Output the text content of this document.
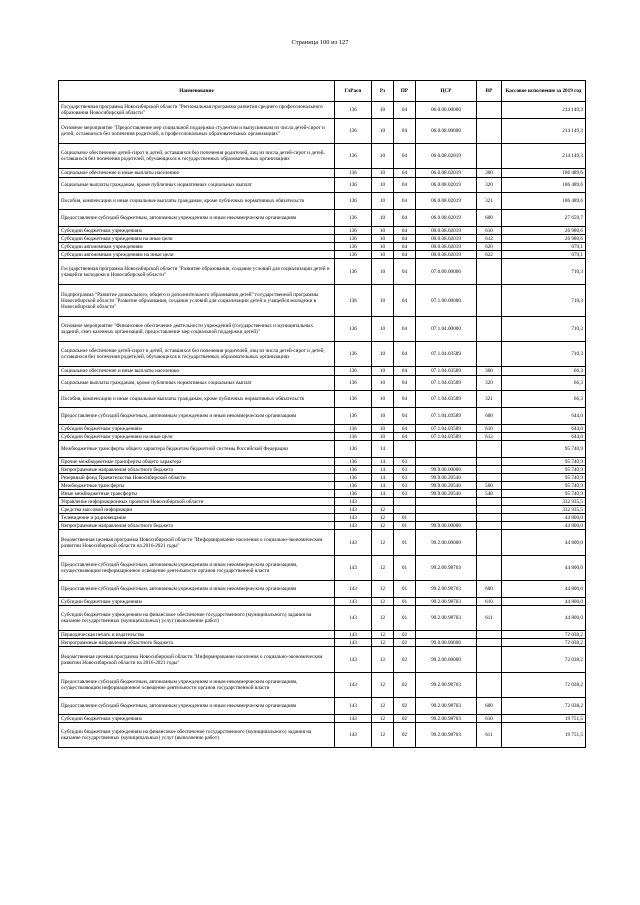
Страница 100 из 127
Наименование	ГлРасп	Рз	ПР	ЦСР	ВР	Кассовое исполнение за 2019 год
Государственная программа Новосибирской области "Региональная программа развития среднего профессионального образования Новосибирской области"	136	10	04	06.0.00.00000		214 149,3
Основное мероприятие "Предоставление мер социальной поддержки студентам и выпускникам из числа детей-сирот и детей, оставшихся без попечения родителей, в профессиональных образовательных организациях"	136	10	04	06.0.08.00000		214 149,3
Социальное обеспечение детей-сирот и детей, оставшихся без попечения родителей, лиц из числа детей-сирот и детей, оставшихся без попечения родителей, обучающихся в государственных образовательных организациях	136	10	04	06.0.08.02019		214 149,3
Социальное обеспечение и иные выплаты населению	136	10	04	06.0.08.02019	300	186 489,6
Социальные выплаты гражданам, кроме публичных нормативных социальных выплат	136	10	04	06.0.08.02019	320	186 489,6
Пособия, компенсации и иные социальные выплаты гражданам, кроме публичных нормативных обязательств	136	10	04	06.0.08.02019	321	186 489,6
Предоставление субсидий бюджетным, автономным учреждениям и иным некоммерческим организациям	136	10	04	06.0.08.02019	600	27 659,7
Субсидии бюджетным учреждениям	136	10	04	06.0.08.02019	610	26 980,6
Субсидии бюджетным учреждениям на иные цели	136	10	04	06.0.08.02019	612	26 980,6
Субсидии автономным учреждениям	136	10	04	06.0.08.02019	620	679,1
Субсидии автономным учреждениям на иные цели	136	10	04	06.0.08.02019	622	679,1
Государственная программа Новосибирской области "Развитие образования, создание условий для социализации детей и учащейся молодежи в Новосибирской области"	136	10	04	07.0.00.00000		710,3
Подпрограмма "Развитие дошкольного, общего и дополнительного образования детей" государственной программы Новосибирской области "Развитие образования, создание условий для социализации детей и учащейся молодежи в Новосибирской области"	136	10	04	07.1.00.00000		710,3
Основное мероприятие "Финансовое обеспечение деятельности учреждений (государственных и муниципальных заданий, смет казенных организаций, предоставление мер социальной поддержки детей)"	136	10	04	07.1.04.00000		710,3
Социальное обеспечение детей-сирот и детей, оставшихся без попечения родителей, лиц из числа детей-сирот и детей, оставшихся без попечения родителей, обучающихся в государственных образовательных организациях	136	10	04	07.1.04.03589		710,3
Социальное обеспечение и иные выплаты населению	136	10	04	07.1.04.03589	300	66,3
Социальные выплаты гражданам, кроме публичных нормативных социальных выплат	136	10	04	07.1.04.03589	320	66,3
Пособия, компенсации и иные социальные выплаты гражданам, кроме публичных нормативных обязательств	136	10	04	07.1.04.03589	321	66,3
Предоставление субсидий бюджетным, автономным учреждениям и иным некоммерческим организациям	136	10	04	07.1.04.03589	600	644,0
Субсидии бюджетным учреждениям	136	10	04	07.1.04.03589	610	644,0
Субсидии бюджетным учреждениям на иные цели	136	10	04	07.1.04.03589	612	644,0
Межбюджетные трансферты общего характера бюджетам бюджетной системы Российской Федерации	136	14				95 740,9
Прочие межбюджетные трансферты общего характера	136	14	03			95 740,9
Непрограммные направления областного бюджета	136	14	03	99.0.00.00000		95 740,9
Резервный фонд Правительства Новосибирской области	136	14	03	99.0.00.20540		95 740,9
Межбюджетные трансферты	136	14	03	99.0.00.20540	500	95 740,9
Иные межбюджетные трансферты	136	14	03	99.0.00.20540	540	95 740,9
Управление информационных проектов Новосибирской области	143					332 935,5
Средства массовой информации	143	12				332 935,5
Телевидение и радиовещание	143	12	01			44 800,0
Непрограммные направления областного бюджета	143	12	01	99.0.00.00000		44 800,0
Ведомственная целевая программа Новосибирской области "Информирование населения о социально-экономическом развитии Новосибирской области на 2016-2021 годы"	143	12	01	99.2.00.00000		44 800,0
Предоставление субсидий бюджетным, автономным учреждениям и иным некоммерческим организациям, осуществляющим информационное освещение деятельности органов государственной власти	143	12	01	99.2.00.98703		44 800,0
Предоставление субсидий бюджетным, автономным учреждениям и иным некоммерческим организациям	143	12	01	99.2.00.98703	600	44 800,0
Субсидии бюджетным учреждениям	143	12	01	99.2.00.98703	610	44 800,0
Субсидии бюджетным учреждениям на финансовое обеспечение государственного (муниципального) задания на оказание государственных (муниципальных) услуг (выполнение работ)	143	12	01	99.2.00.98703	611	44 800,0
Периодическая печать и издательства	143	12	02			72 038,2
Непрограммные направления областного бюджета	143	12	02	99.0.00.00000		72 038,2
Ведомственная целевая программа Новосибирской области "Информирование населения о социально-экономическом развитии Новосибирской области на 2016-2021 годы"	143	12	02	99.2.00.00000		72 038,2
Предоставление субсидий бюджетным, автономным учреждениям и иным некоммерческим организациям, осуществляющим информационное освещение деятельности органов государственной власти	143	12	02	99.2.00.98703		72 038,2
Предоставление субсидий бюджетным, автономным учреждениям и иным некоммерческим организациям	143	12	02	99.2.00.98703	600	72 038,2
Субсидии бюджетным учреждениям	143	12	02	99.2.00.98703	610	19 751,5
Субсидии бюджетным учреждениям на финансовое обеспечение государственного (муниципального) задания на оказание государственных (муниципальных) услуг (выполнение работ)	143	12	02	99.2.00.98703	611	19 751,5
